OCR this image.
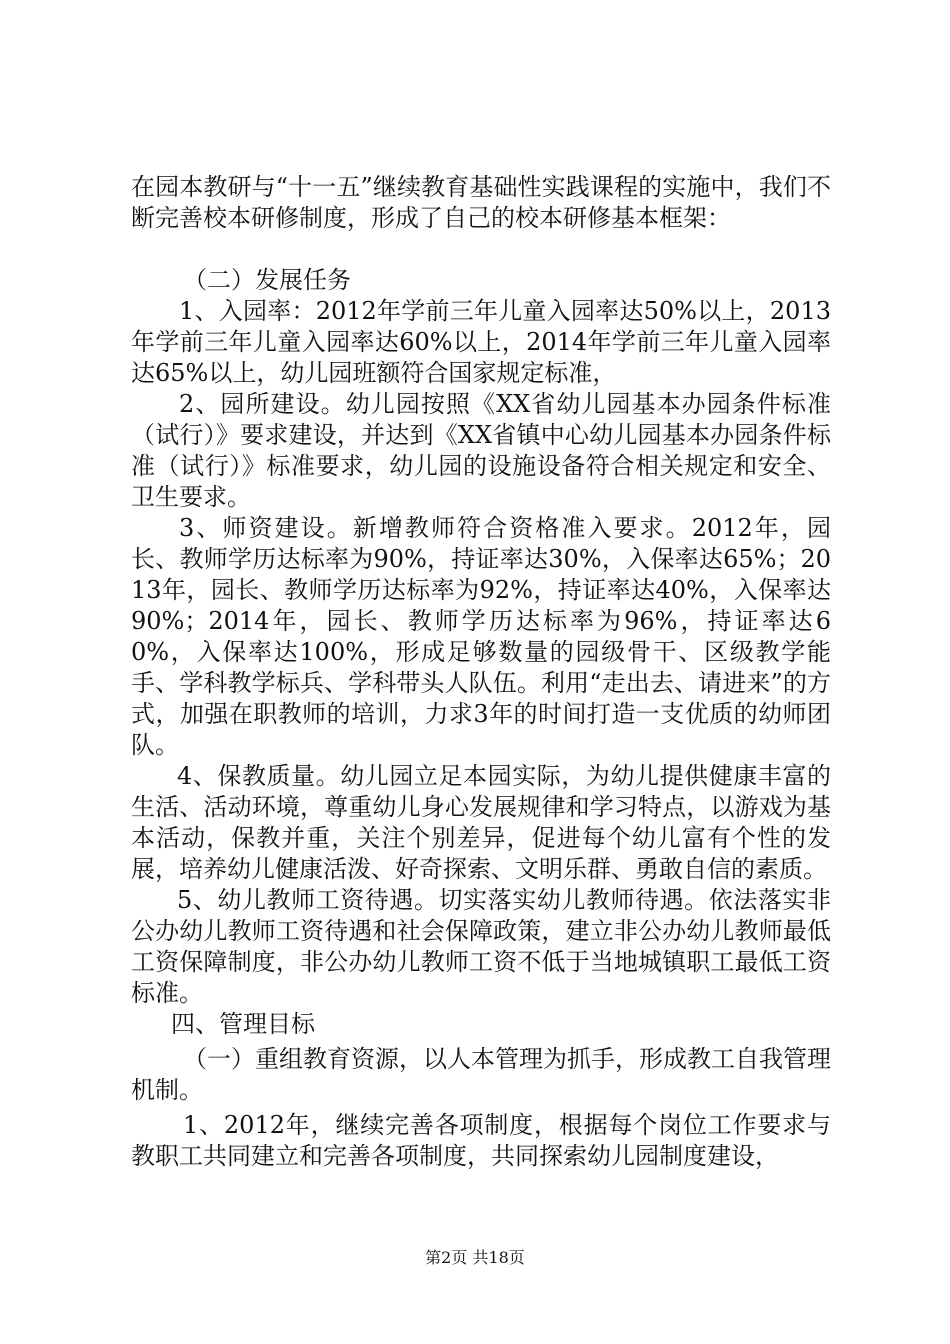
在园本教研与“十一五”继续教育基础性实践课程的实施中，我们不断完善校本研修制度，形成了自己的校本研修基本框架：

（二）发展任务

1、入园率：2012年学前三年儿童入园率达50%以上，2013年学前三年儿童入园率达60%以上，2014年学前三年儿童入园率达65%以上，幼儿园班额符合国家规定标准，

2、园所建设。幼儿园按照《XX省幼儿园基本办园条件标准（试行）》要求建设，并达到《XX省镇中心幼儿园基本办园条件标准（试行）》标准要求，幼儿园的设施设备符合相关规定和安全、卫生要求。

3、师资建设。新增教师符合资格准入要求。2012年，园长、教师学历达标率为90%，持证率达30%，入保率达65%；2013年，园长、教师学历达标率为92%，持证率达40%，入保率达90%；2014年，园长、教师学历达标率为96%，持证率达60%，入保率达100%，形成足够数量的园级骨干、区级教学能手、学科教学标兵、学科带头人队伍。利用“走出去、请进来”的方式，加强在职教师的培训，力求3年的时间打造一支优质的幼师团队。

4、保教质量。幼儿园立足本园实际，为幼儿提供健康丰富的生活、活动环境，尊重幼儿身心发展规律和学习特点，以游戏为基本活动，保教并重，关注个别差异，促进每个幼儿富有个性的发展，培养幼儿健康活泼、好奇探索、文明乐群、勇敢自信的素质。

5、幼儿教师工资待遇。切实落实幼儿教师待遇。依法落实非公办幼儿教师工资待遇和社会保障政策，建立非公办幼儿教师最低工资保障制度，非公办幼儿教师工资不低于当地城镇职工最低工资标准。

四、管理目标

（一）重组教育资源，以人本管理为抓手，形成教工自我管理机制。

1、2012年，继续完善各项制度，根据每个岗位工作要求与教职工共同建立和完善各项制度，共同探索幼儿园制度建设，

第2页 共18页
